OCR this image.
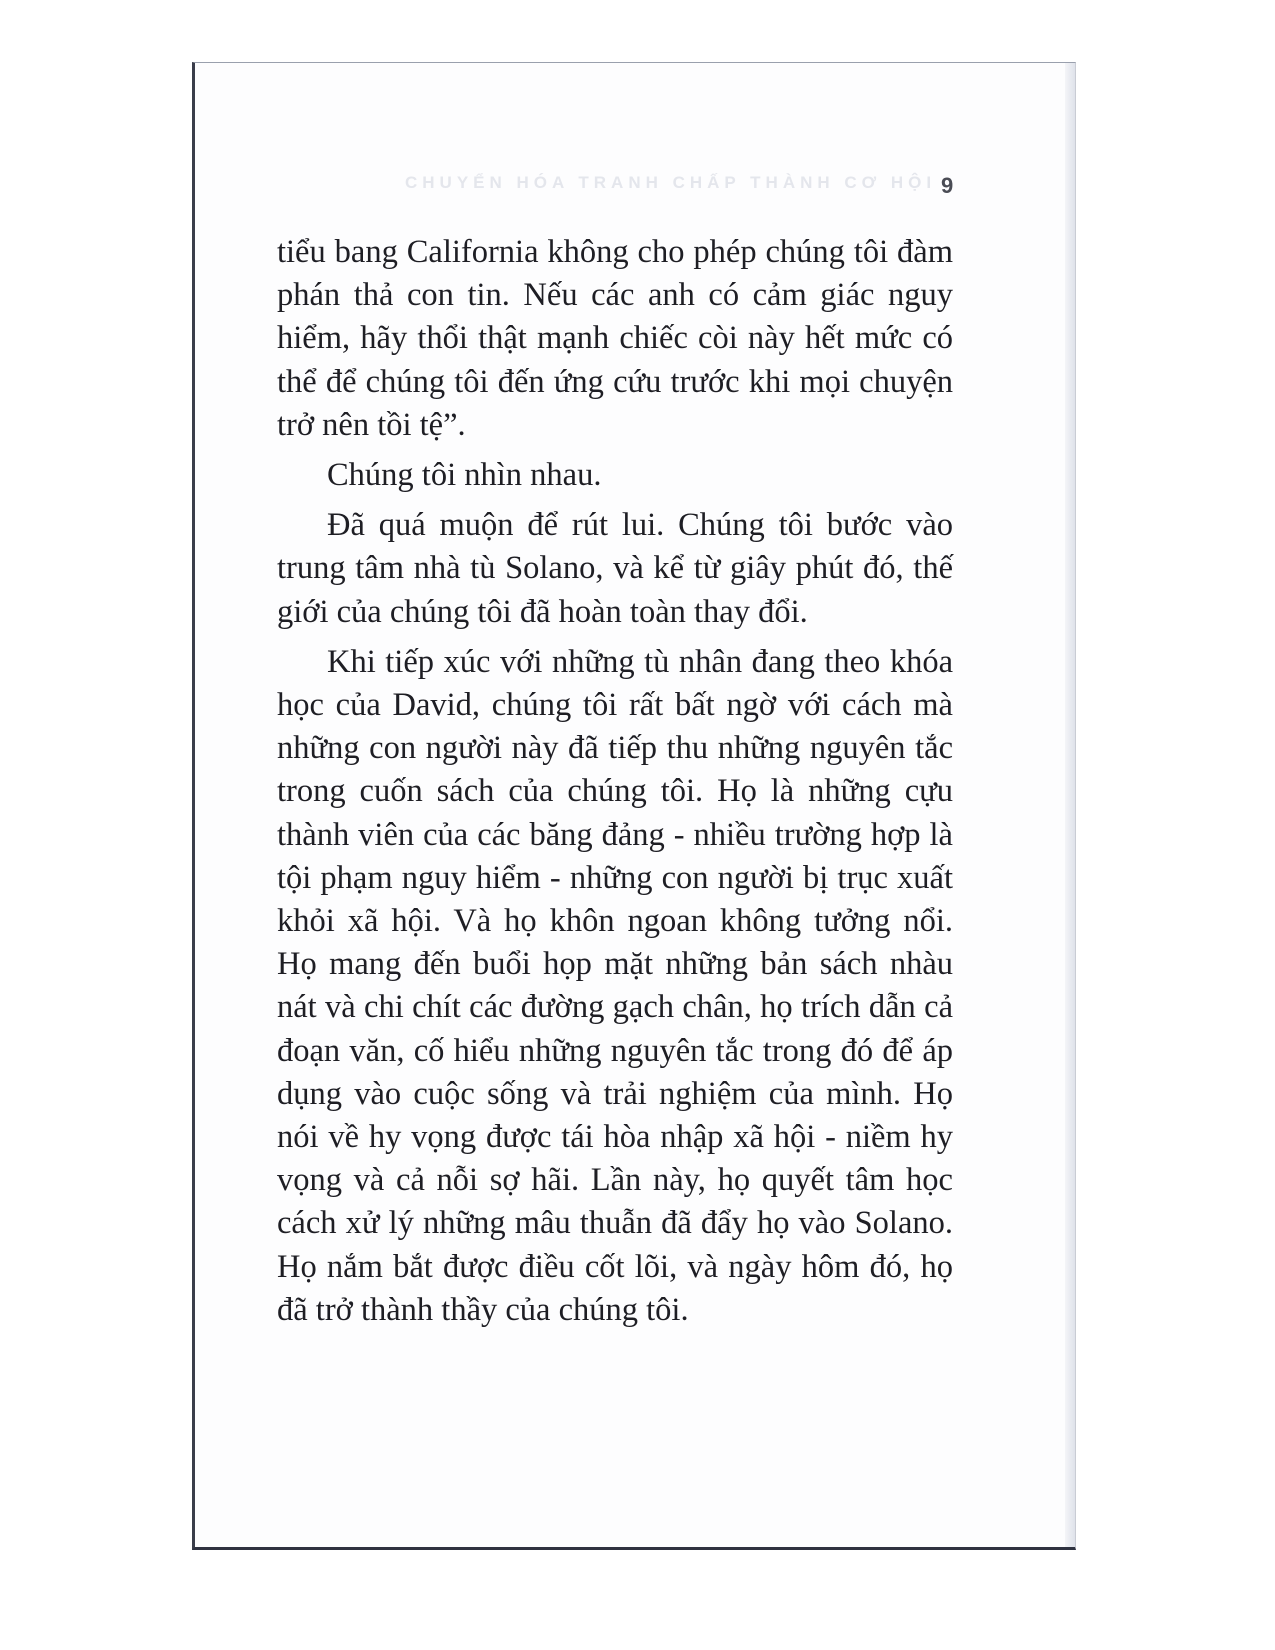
CHUYỂN HÓA TRANH CHẤP THÀNH CƠ HỘI 9

tiểu bang California không cho phép chúng tôi đàm phán thả con tin. Nếu các anh có cảm giác nguy hiểm, hãy thổi thật mạnh chiếc còi này hết mức có thể để chúng tôi đến ứng cứu trước khi mọi chuyện trở nên tồi tệ”.

Chúng tôi nhìn nhau.

Đã quá muộn để rút lui. Chúng tôi bước vào trung tâm nhà tù Solano, và kể từ giây phút đó, thế giới của chúng tôi đã hoàn toàn thay đổi.

Khi tiếp xúc với những tù nhân đang theo khóa học của David, chúng tôi rất bất ngờ với cách mà những con người này đã tiếp thu những nguyên tắc trong cuốn sách của chúng tôi. Họ là những cựu thành viên của các băng đảng - nhiều trường hợp là tội phạm nguy hiểm - những con người bị trục xuất khỏi xã hội. Và họ khôn ngoan không tưởng nổi. Họ mang đến buổi họp mặt những bản sách nhàu nát và chi chít các đường gạch chân, họ trích dẫn cả đoạn văn, cố hiểu những nguyên tắc trong đó để áp dụng vào cuộc sống và trải nghiệm của mình. Họ nói về hy vọng được tái hòa nhập xã hội - niềm hy vọng và cả nỗi sợ hãi. Lần này, họ quyết tâm học cách xử lý những mâu thuẫn đã đẩy họ vào Solano. Họ nắm bắt được điều cốt lõi, và ngày hôm đó, họ đã trở thành thầy của chúng tôi.
